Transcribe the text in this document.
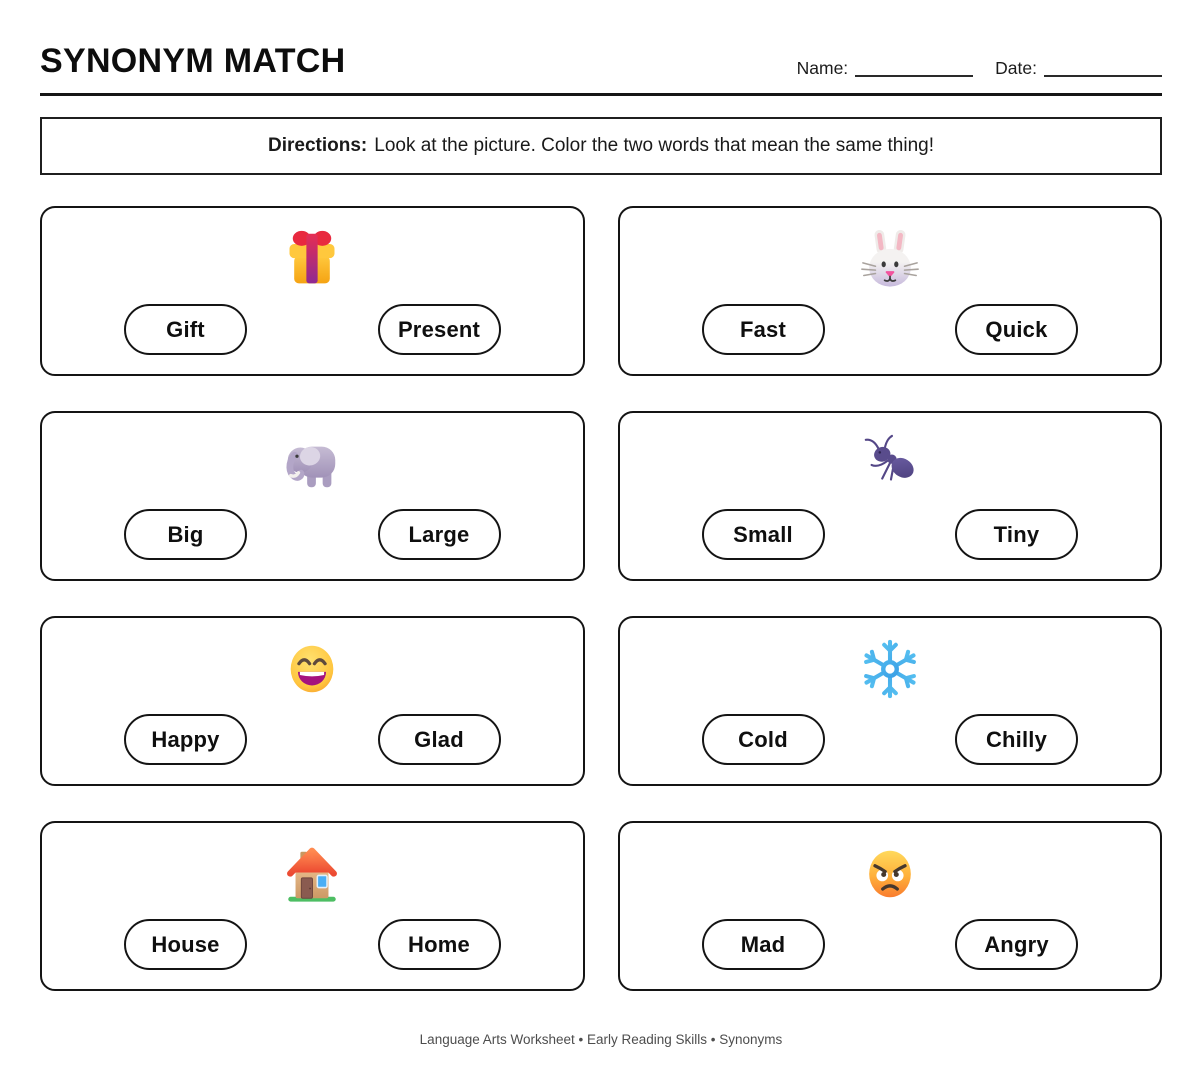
SYNONYM MATCH	Name:	Date:
Directions: Look at the picture. Color the two words that mean the same thing!
Gift	Present	Fast	Quick
Big	Large	Small	Tiny
Happy	Glad	Cold	Chilly
House	Home	Mad	Angry
Language Arts Worksheet • Early Reading Skills • Synonyms
